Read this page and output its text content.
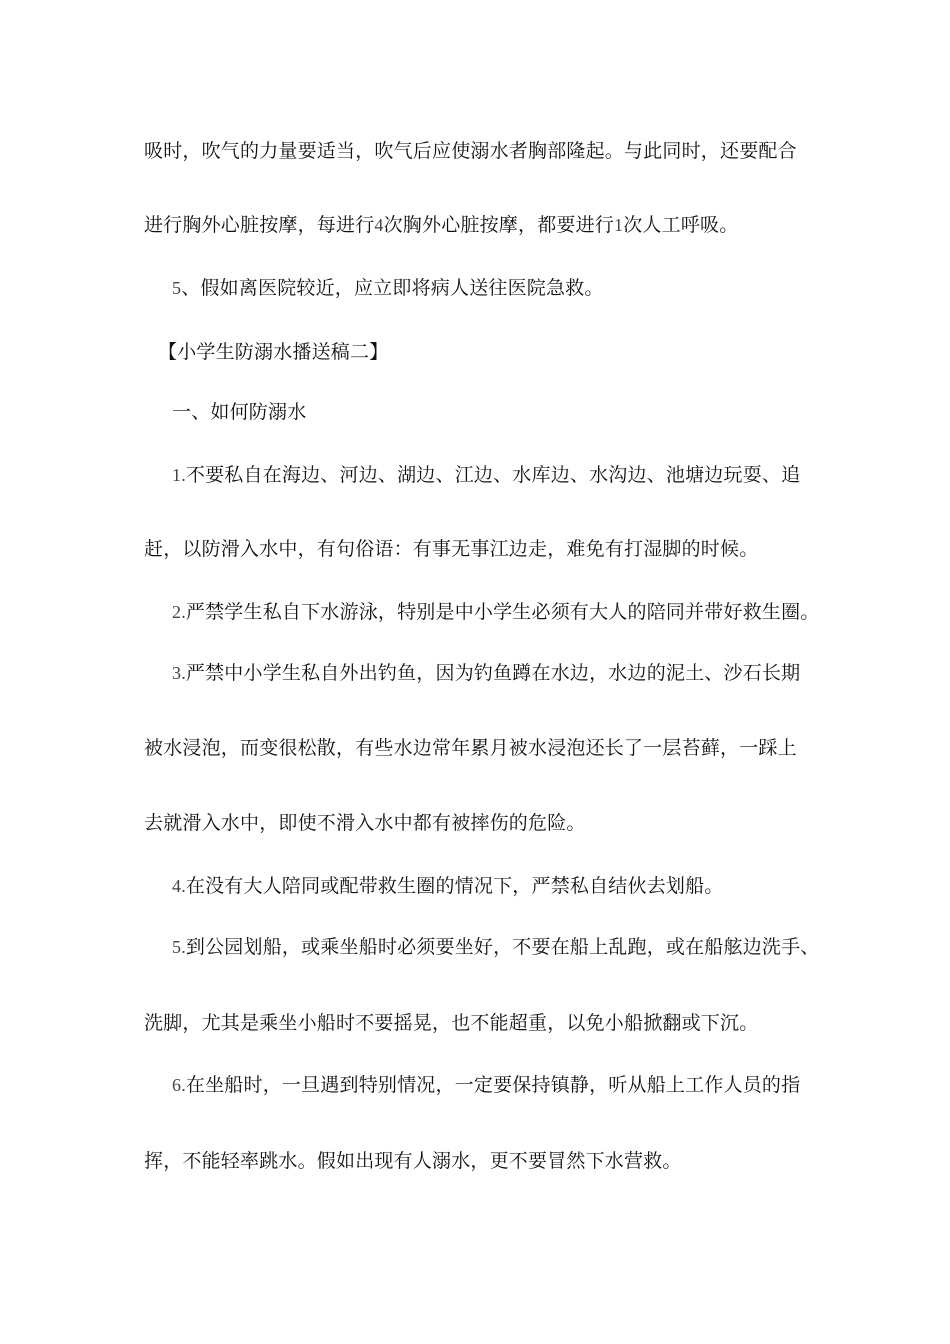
吸时，吹气的力量要适当，吹气后应使溺水者胸部隆起。与此同时，还要配合
进行胸外心脏按摩，每进行4次胸外心脏按摩，都要进行1次人工呼吸。
5、假如离医院较近，应立即将病人送往医院急救。
【小学生防溺水播送稿二】
一、如何防溺水
1.不要私自在海边、河边、湖边、江边、水库边、水沟边、池塘边玩耍、追
赶，以防滑入水中，有句俗语：有事无事江边走，难免有打湿脚的时候。
2.严禁学生私自下水游泳，特别是中小学生必须有大人的陪同并带好救生圈。
3.严禁中小学生私自外出钓鱼，因为钓鱼蹲在水边，水边的泥土、沙石长期
被水浸泡，而变很松散，有些水边常年累月被水浸泡还长了一层苔藓，一踩上
去就滑入水中，即使不滑入水中都有被摔伤的危险。
4.在没有大人陪同或配带救生圈的情况下，严禁私自结伙去划船。
5.到公园划船，或乘坐船时必须要坐好，不要在船上乱跑，或在船舷边洗手、
洗脚，尤其是乘坐小船时不要摇晃，也不能超重，以免小船掀翻或下沉。
6.在坐船时，一旦遇到特别情况，一定要保持镇静，听从船上工作人员的指
挥，不能轻率跳水。假如出现有人溺水，更不要冒然下水营救。
